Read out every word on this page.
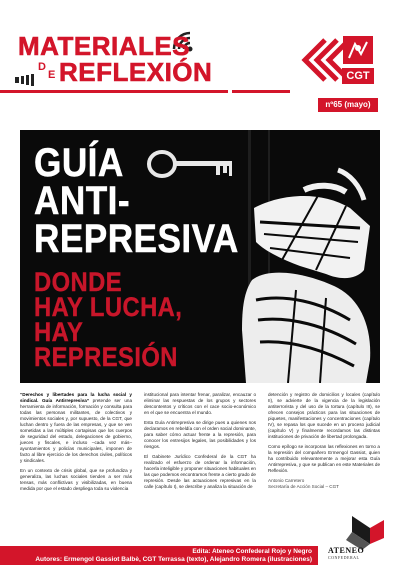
MATERIALES
D
E REFLEXIÓN	CGT
nº65 (mayo)
GUÍA
ANTI-
REPRESIVA
DONDE
HAY LUCHA,
HAY
REPRESIÓN

“Derechos y libertades para la lucha social y sindical. Guía Antirrepresiva” pretende ser una herramienta de información, formación y consulta para todas las personas militantes, de colectivos y movimientos sociales y, por supuesto, de la CGT, que luchan dentro y fuera de las empresas, y que se ven sometidas a las múltiples cortapisas que los cuerpos de seguridad del estado, delegaciones de gobierno, jueces y fiscales, e incluso –cada vez más– ayuntamientos y policías municipales, imponen de facto al libre ejercicio de los derechos civiles, políticos y sindicales.

En un contexto de crisis global, que se profundiza y generaliza, las luchas sociales tienden a ser más tensas, más conflictivas y visibilizadas, en buena medida por que el estado despliega toda su violencia

institucional para intentar frenar, paralizar, encauzar o eliminar las respuestas de los grupos y sectores descontentos y críticos con el cace socio-económico en el que se encuentra el mundo.

Esta Guía Antirrepresiva se dirige pues a quienes nos declaramos en rebeldía con el orden social dominante, para saber cómo actuar frente a la represión, para conocer los entresijos legales, las posibilidades y los riesgos.

El Gabinete Jurídico Confederal de la CGT ha realizado el esfuerzo de ordenar la información, hacerla inteligible y proponer situaciones habituales en las que podemos encontrarnos frente a cierto grado de represión. Desde las actuaciones represivas en la calle (capítulo I), se describe y analiza la situación de

detención y registro de domicilios y locales (capítulo II), se advierte de la vigencia de la legislación antiterrorista y del uso de la tortura (capítulo III), se ofrecen consejos prácticos para las situaciones de piquetes, manifestaciones y concentraciones (capítulo IV), se repasa los que sucede en un proceso judicial (capítulo V) y finalmente recordamos las distintas instituciones de privación de libertad prolongada.

Como epílogo se incorporan las reflexiones en torno a la represión del compañero Ermengol Gassiot, quien ha contribuido relevantemente a mejorar esta Guía Antirrepresiva, y que se publican en este Materiales de Reflexión.

Antonio Carretero

Secretaría de Acción Social – CGT

Edita: Ateneo Confederal Rojo y Negro
Autores: Ermengol Gassiot Balbè, CGT Terrassa (texto), Alejandro Romera (ilustraciones)
ATENEO
CONFEDERAL
